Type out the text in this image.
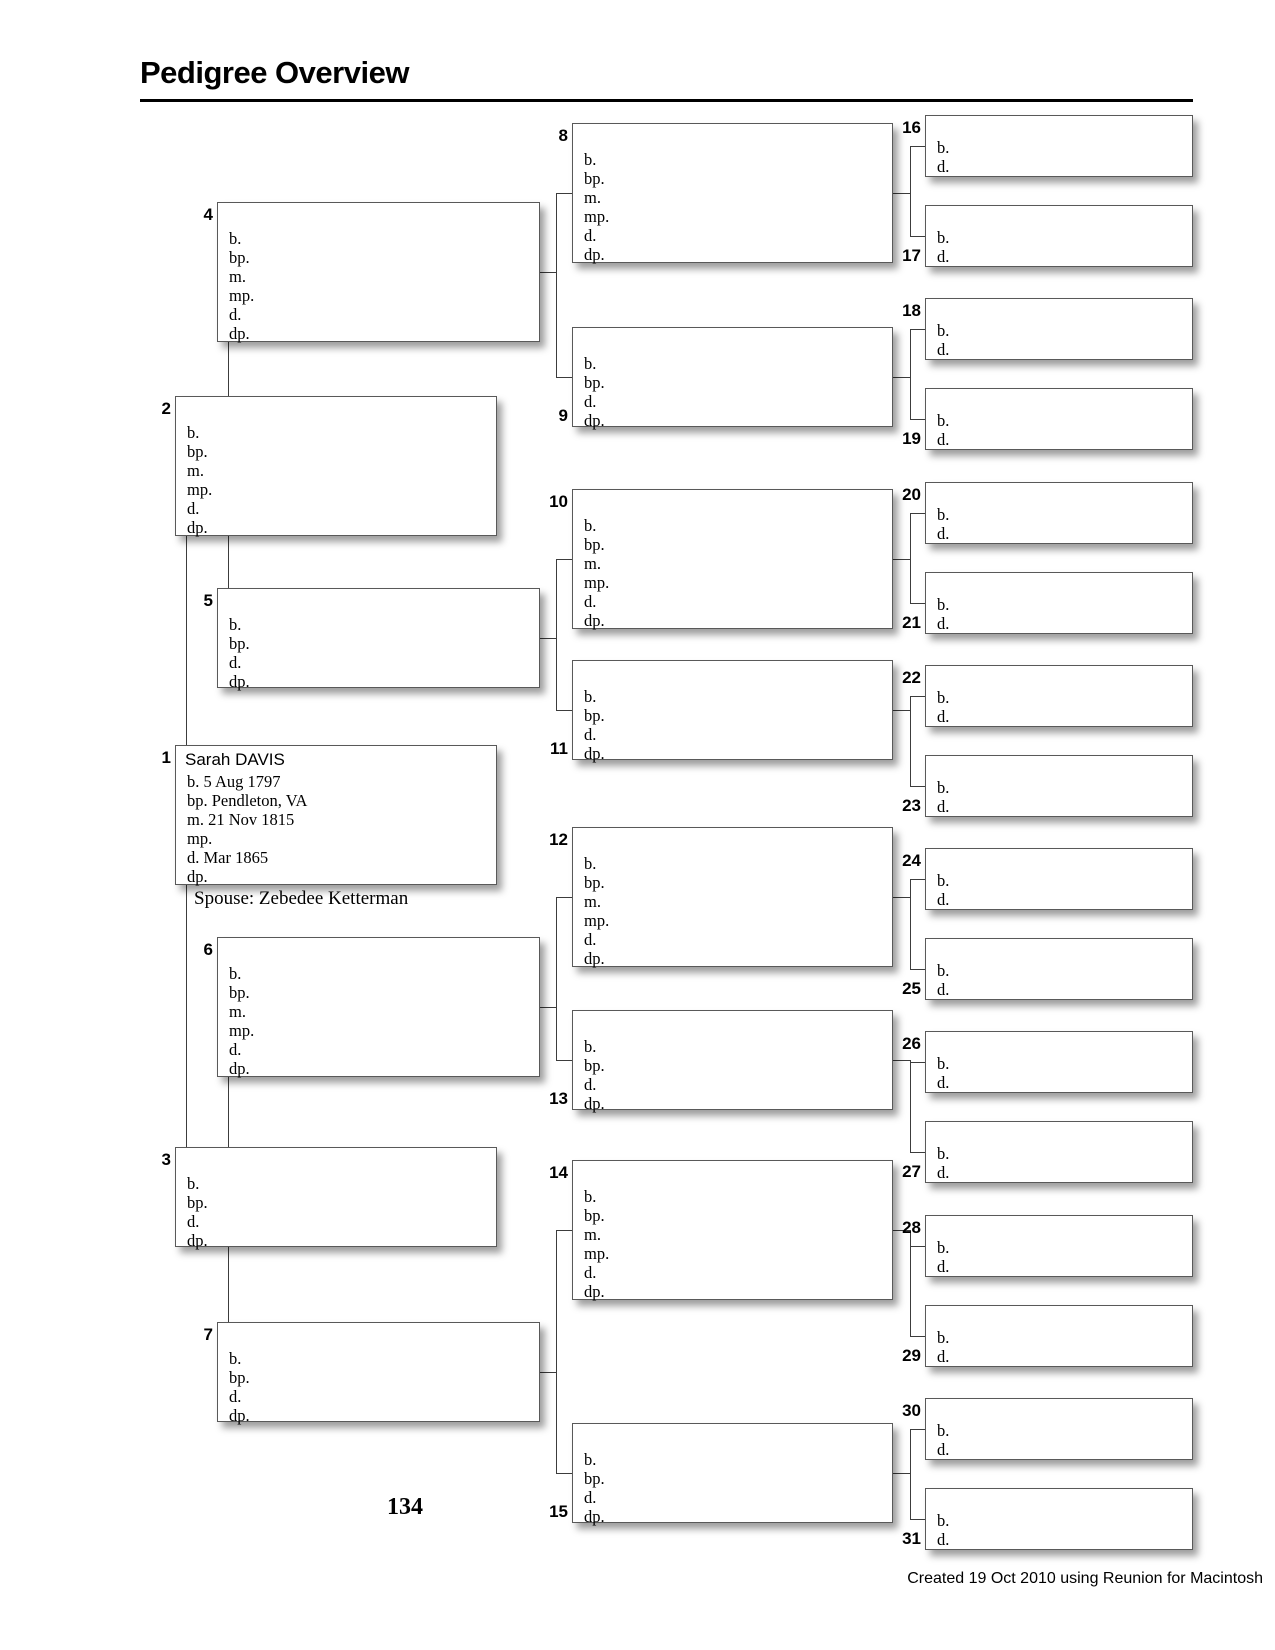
Pedigree Overview
Spouse: Zebedee Ketterman
134
Created 19 Oct 2010 using Reunion for Macintosh
Sarah DAVIS
b. 5 Aug 1797
bp. Pendleton, VA
m. 21 Nov 1815
mp.
d. Mar 1865
dp.
1
b.
bp.
m.
mp.
d.
dp.
2
b.
bp.
d.
dp.
3
b.
bp.
m.
mp.
d.
dp.
4
b.
bp.
d.
dp.
5
b.
bp.
m.
mp.
d.
dp.
6
b.
bp.
d.
dp.
7
b.
bp.
m.
mp.
d.
dp.
8
b.
bp.
d.
dp.
9
b.
bp.
m.
mp.
d.
dp.
10
b.
bp.
d.
dp.
11
b.
bp.
m.
mp.
d.
dp.
12
b.
bp.
d.
dp.
13
b.
bp.
m.
mp.
d.
dp.
14
b.
bp.
d.
dp.
15
b.
d.
16
b.
d.
17
b.
d.
18
b.
d.
19
b.
d.
20
b.
d.
21
b.
d.
22
b.
d.
23
b.
d.
24
b.
d.
25
b.
d.
26
b.
d.
27
b.
d.
28
b.
d.
29
b.
d.
30
b.
d.
31
